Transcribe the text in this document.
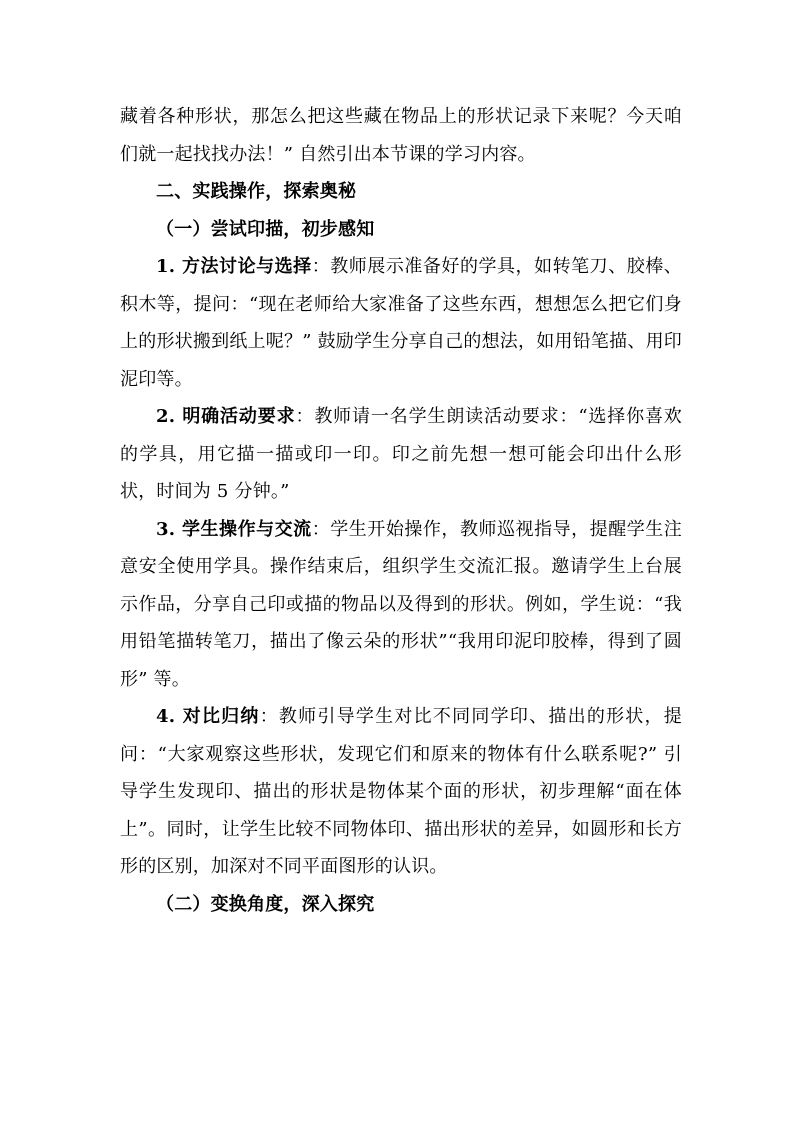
藏着各种形状，那怎么把这些藏在物品上的形状记录下来呢？今天咱们就一起找找办法！” 自然引出本节课的学习内容。

二、实践操作，探索奥秘

（一）尝试印描，初步感知

1. 方法讨论与选择：教师展示准备好的学具，如转笔刀、胶棒、积木等，提问：“现在老师给大家准备了这些东西，想想怎么把它们身上的形状搬到纸上呢？” 鼓励学生分享自己的想法，如用铅笔描、用印泥印等。

2. 明确活动要求：教师请一名学生朗读活动要求：“选择你喜欢的学具，用它描一描或印一印。印之前先想一想可能会印出什么形状，时间为 5 分钟。”

3. 学生操作与交流：学生开始操作，教师巡视指导，提醒学生注意安全使用学具。操作结束后，组织学生交流汇报。邀请学生上台展示作品，分享自己印或描的物品以及得到的形状。例如，学生说：“我用铅笔描转笔刀，描出了像云朵的形状”“我用印泥印胶棒，得到了圆形” 等。

4. 对比归纳：教师引导学生对比不同同学印、描出的形状，提问：“大家观察这些形状，发现它们和原来的物体有什么联系呢?” 引导学生发现印、描出的形状是物体某个面的形状，初步理解“面在体上”。同时，让学生比较不同物体印、描出形状的差异，如圆形和长方形的区别，加深对不同平面图形的认识。

（二）变换角度，深入探究
